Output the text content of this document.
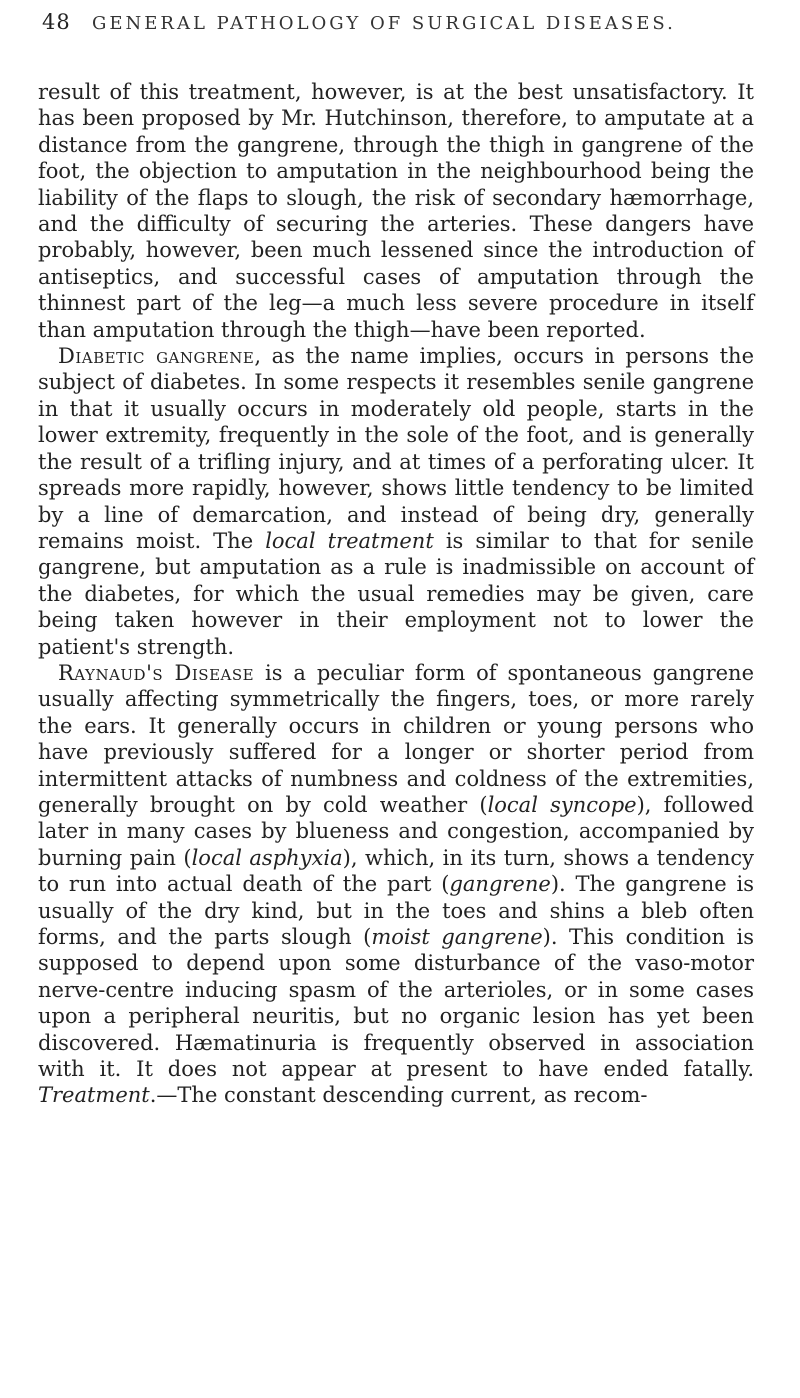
48 GENERAL PATHOLOGY OF SURGICAL DISEASES.

result of this treatment, however, is at the best unsatisfactory. It has been proposed by Mr. Hutchinson, therefore, to amputate at a distance from the gangrene, through the thigh in gangrene of the foot, the objection to amputation in the neighbourhood being the liability of the flaps to slough, the risk of secondary hæmorrhage, and the difficulty of securing the arteries. These dangers have probably, however, been much lessened since the introduction of antiseptics, and successful cases of amputation through the thinnest part of the leg—a much less severe procedure in itself than amputation through the thigh—have been reported.

Diabetic gangrene, as the name implies, occurs in persons the subject of diabetes. In some respects it resembles senile gangrene in that it usually occurs in moderately old people, starts in the lower extremity, frequently in the sole of the foot, and is generally the result of a trifling injury, and at times of a perforating ulcer. It spreads more rapidly, however, shows little tendency to be limited by a line of demarcation, and instead of being dry, generally remains moist. The local treatment is similar to that for senile gangrene, but amputation as a rule is inadmissible on account of the diabetes, for which the usual remedies may be given, care being taken however in their employment not to lower the patient's strength.

Raynaud's Disease is a peculiar form of spontaneous gangrene usually affecting symmetrically the fingers, toes, or more rarely the ears. It generally occurs in children or young persons who have previously suffered for a longer or shorter period from intermittent attacks of numbness and coldness of the extremities, generally brought on by cold weather (local syncope), followed later in many cases by blueness and congestion, accompanied by burning pain (local asphyxia), which, in its turn, shows a tendency to run into actual death of the part (gangrene). The gangrene is usually of the dry kind, but in the toes and shins a bleb often forms, and the parts slough (moist gangrene). This condition is supposed to depend upon some disturbance of the vaso-motor nerve-centre inducing spasm of the arterioles, or in some cases upon a peripheral neuritis, but no organic lesion has yet been discovered. Hæmatinuria is frequently observed in association with it. It does not appear at present to have ended fatally. Treatment.—The constant descending current, as recom-
